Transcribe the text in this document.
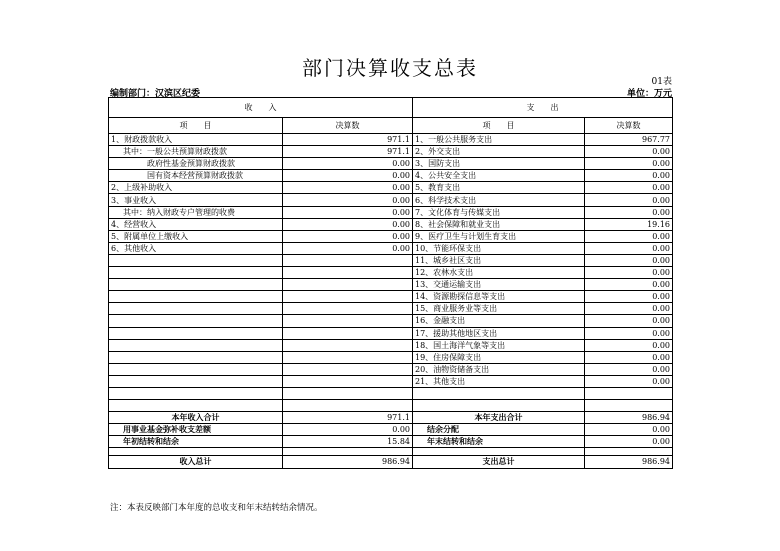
部门决算收支总表
01表
编制部门：汉滨区纪委	单位：万元
收　　入		支　　出	
项　　目	决算数	项　　目	决算数
1、财政拨款收入	971.1	1、一般公共服务支出	967.77
其中：一般公共预算财政拨款	971.1	2、外交支出	0.00
政府性基金预算财政拨款	0.00	3、国防支出	0.00
国有资本经营预算财政拨款	0.00	4、公共安全支出	0.00
2、上级补助收入	0.00	5、教育支出	0.00
3、事业收入	0.00	6、科学技术支出	0.00
其中：纳入财政专户管理的收费	0.00	7、文化体育与传媒支出	0.00
4、经营收入	0.00	8、社会保障和就业支出	19.16
5、附属单位上缴收入	0.00	9、医疗卫生与计划生育支出	0.00
6、其他收入	0.00	10、节能环保支出	0.00
		11、城乡社区支出	0.00
		12、农林水支出	0.00
		13、交通运输支出	0.00
		14、资源勘探信息等支出	0.00
		15、商业服务业等支出	0.00
		16、金融支出	0.00
		17、援助其他地区支出	0.00
		18、国土海洋气象等支出	0.00
		19、住房保障支出	0.00
		20、油物资储备支出	0.00
		21、其他支出	0.00

本年收入合计	971.1	本年支出合计	986.94
用事业基金弥补收支差额	0.00	结余分配	0.00
年初结转和结余	15.84	年末结转和结余	0.00

收入总计	986.94	支出总计	986.94
注：本表反映部门本年度的总收支和年末结转结余情况。
